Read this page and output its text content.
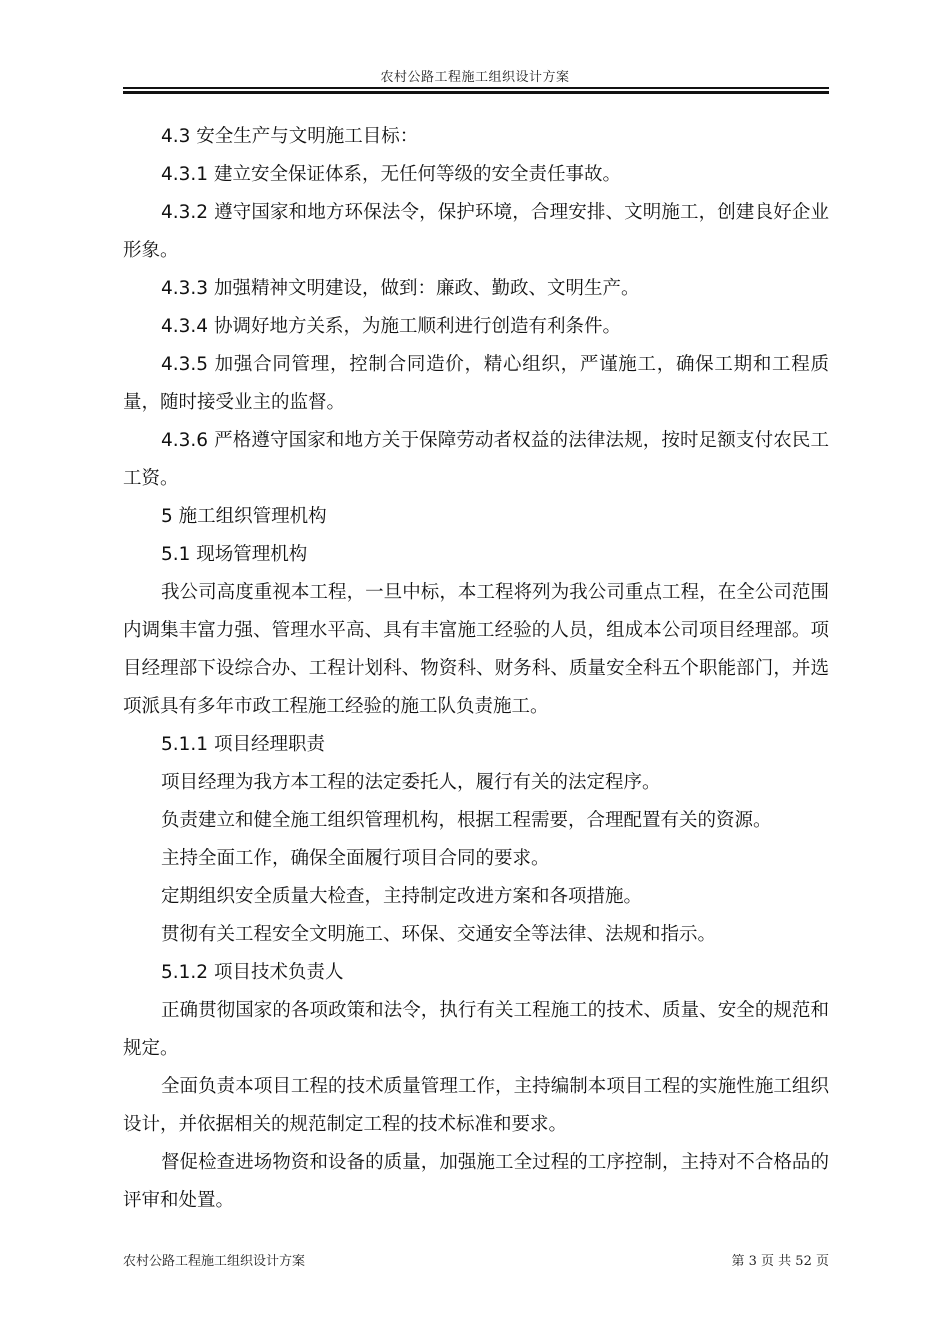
农村公路工程施工组织设计方案

4.3 安全生产与文明施工目标：

4.3.1 建立安全保证体系，无任何等级的安全责任事故。

4.3.2 遵守国家和地方环保法令，保护环境，合理安排、文明施工，创建良好企业形象。

4.3.3 加强精神文明建设，做到：廉政、勤政、文明生产。

4.3.4 协调好地方关系，为施工顺利进行创造有利条件。

4.3.5 加强合同管理，控制合同造价，精心组织，严谨施工，确保工期和工程质量，随时接受业主的监督。

4.3.6 严格遵守国家和地方关于保障劳动者权益的法律法规，按时足额支付农民工工资。

5 施工组织管理机构

5.1 现场管理机构

我公司高度重视本工程，一旦中标，本工程将列为我公司重点工程，在全公司范围内调集丰富力强、管理水平高、具有丰富施工经验的人员，组成本公司项目经理部。项目经理部下设综合办、工程计划科、物资科、财务科、质量安全科五个职能部门，并选项派具有多年市政工程施工经验的施工队负责施工。

5.1.1 项目经理职责

项目经理为我方本工程的法定委托人，履行有关的法定程序。

负责建立和健全施工组织管理机构，根据工程需要，合理配置有关的资源。

主持全面工作，确保全面履行项目合同的要求。

定期组织安全质量大检查，主持制定改进方案和各项措施。

贯彻有关工程安全文明施工、环保、交通安全等法律、法规和指示。

5.1.2 项目技术负责人

正确贯彻国家的各项政策和法令，执行有关工程施工的技术、质量、安全的规范和规定。

全面负责本项目工程的技术质量管理工作，主持编制本项目工程的实施性施工组织设计，并依据相关的规范制定工程的技术标准和要求。

督促检查进场物资和设备的质量，加强施工全过程的工序控制，主持对不合格品的评审和处置。

农村公路工程施工组织设计方案	第 3 页 共 52 页
